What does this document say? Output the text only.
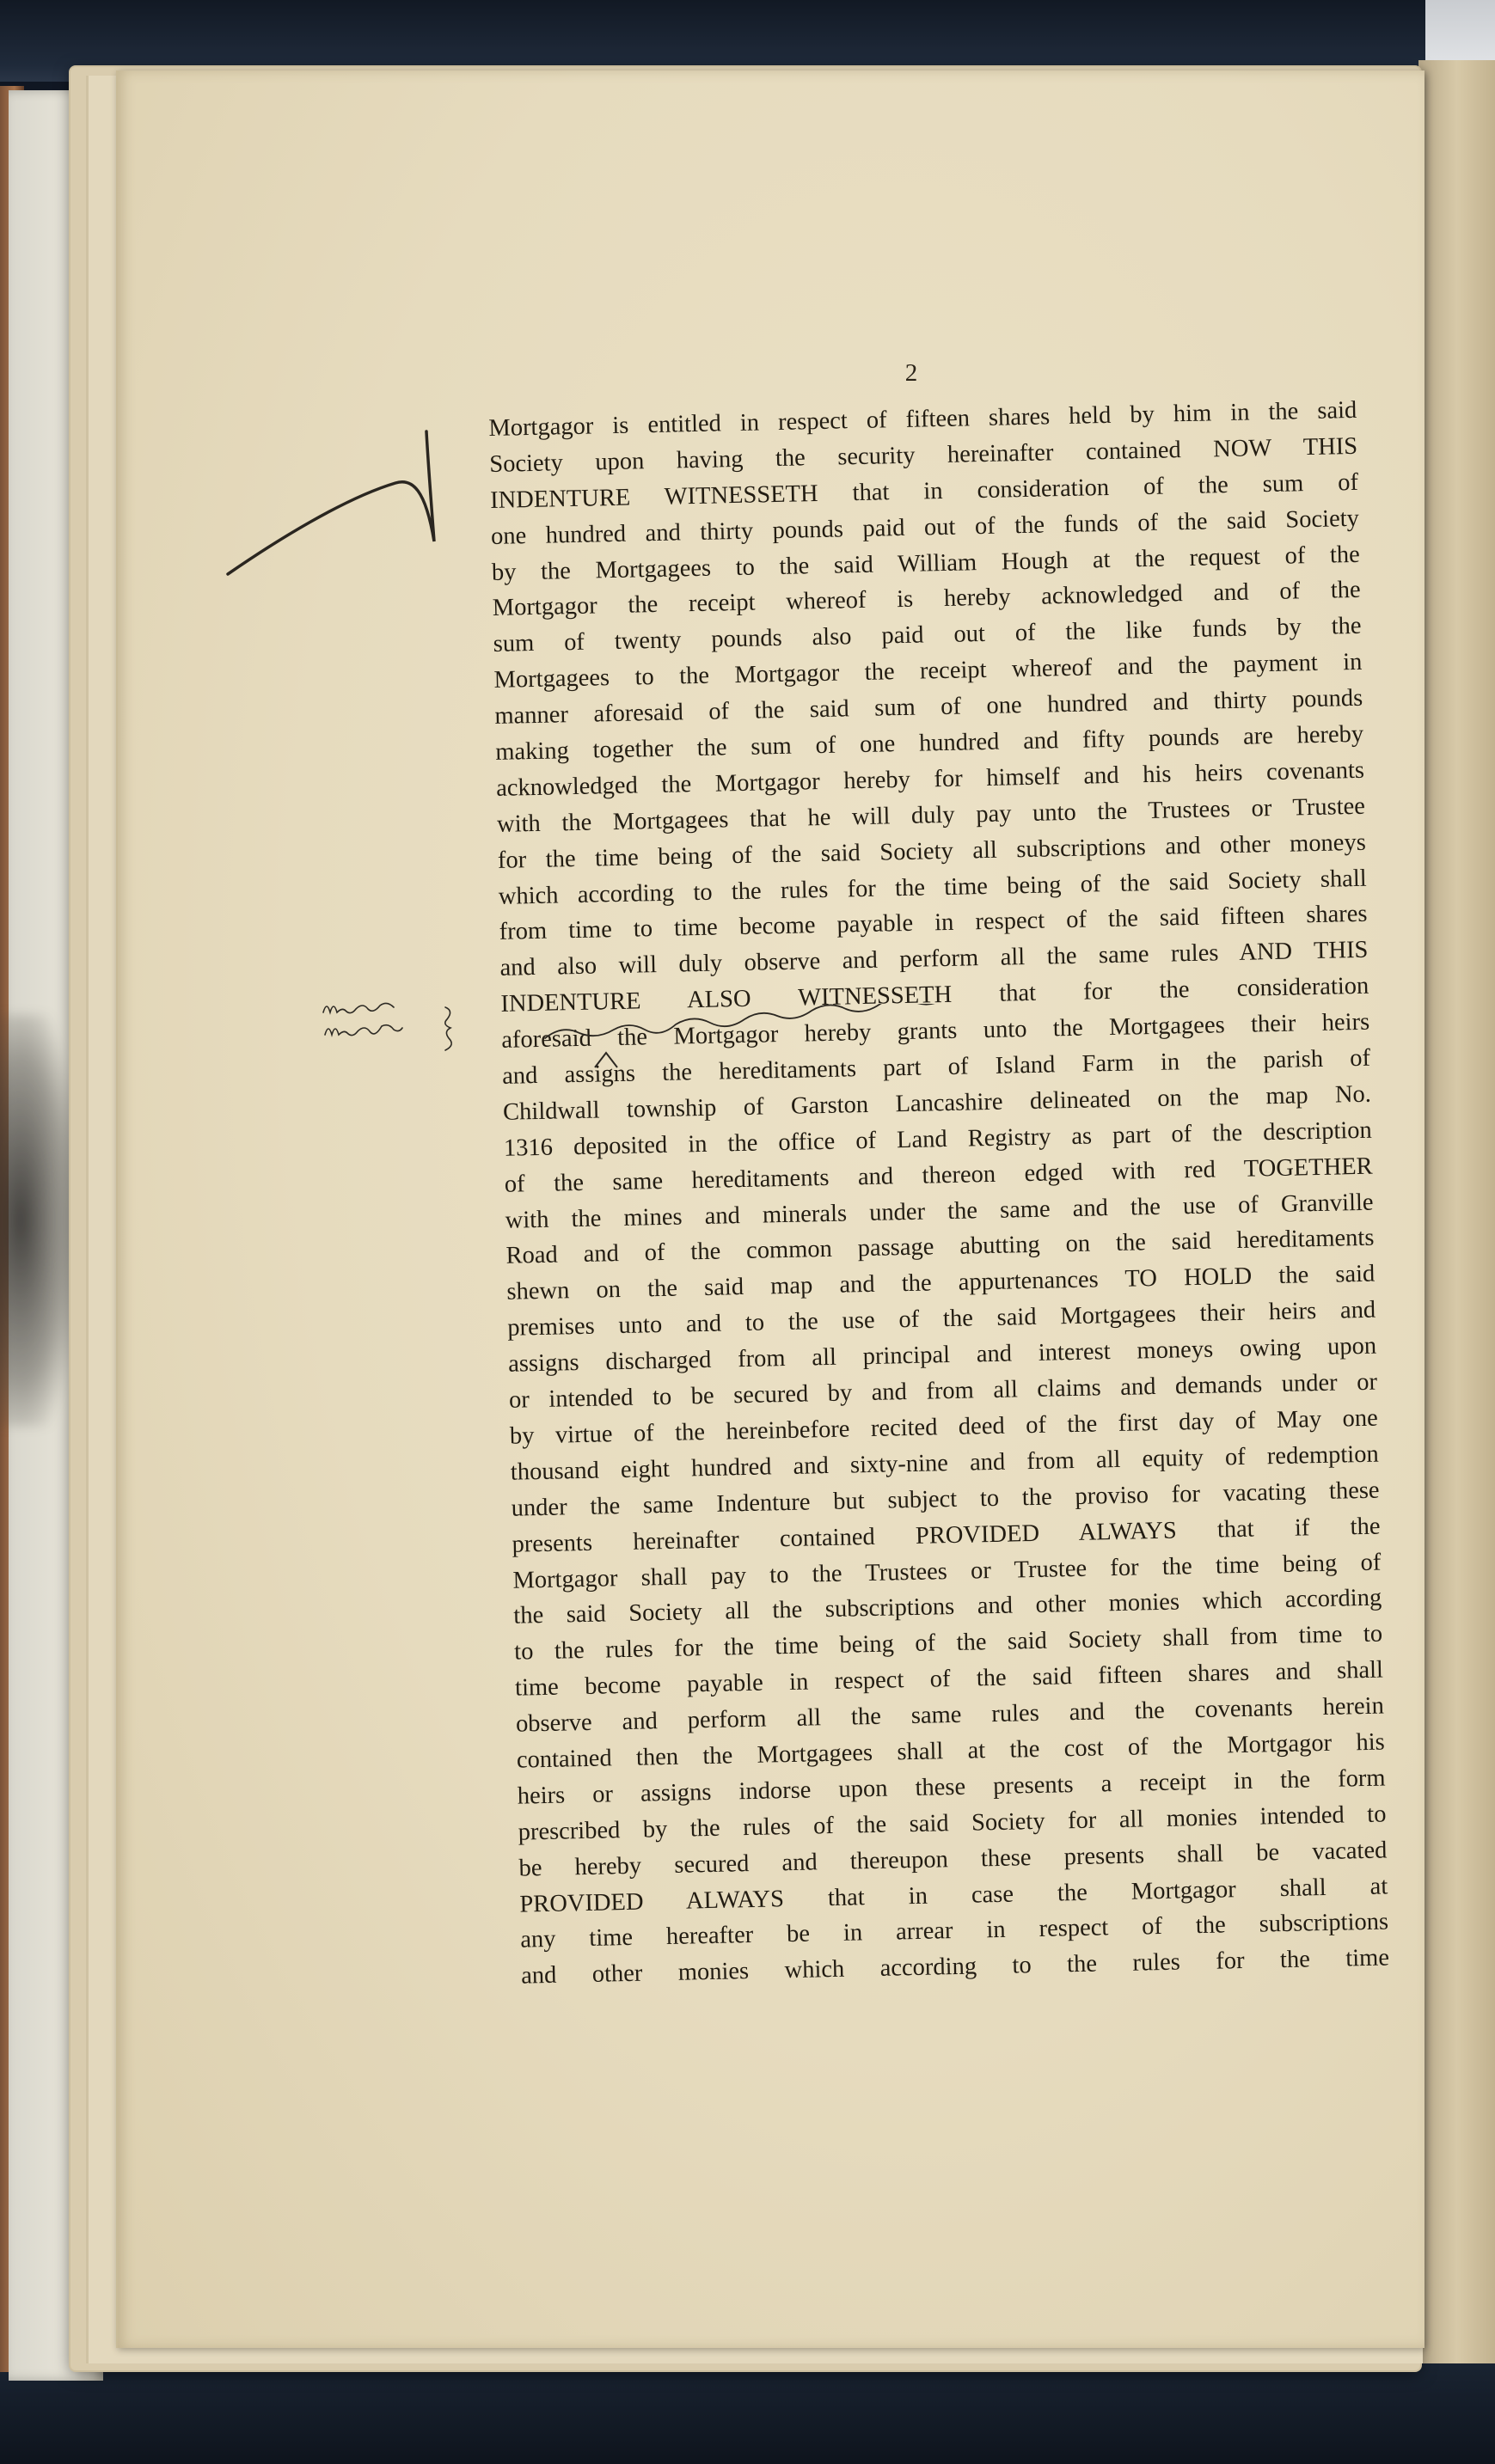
2
Mortgagor is entitled in respect of fifteen shares held by him in the said
Society upon having the security hereinafter contained NOW THIS
INDENTURE WITNESSETH that in consideration of the sum of
one hundred and thirty pounds paid out of the funds of the said Society
by the Mortgagees to the said William Hough at the request of the
Mortgagor the receipt whereof is hereby acknowledged and of the
sum of twenty pounds also paid out of the like funds by the
Mortgagees to the Mortgagor the receipt whereof and the payment in
manner aforesaid of the said sum of one hundred and thirty pounds
making together the sum of one hundred and fifty pounds are hereby
acknowledged the Mortgagor hereby for himself and his heirs covenants
with the Mortgagees that he will duly pay unto the Trustees or Trustee
for the time being of the said Society all subscriptions and other moneys
which according to the rules for the time being of the said Society shall
from time to time become payable in respect of the said fifteen shares
and also will duly observe and perform all the same rules AND THIS
INDENTURE ALSO WITNESSETH that for the consideration
aforesaid the Mortgagor hereby grants unto the Mortgagees their heirs
and assigns the hereditaments part of Island Farm in the parish of
Childwall township of Garston Lancashire delineated on the map No.
1316 deposited in the office of Land Registry as part of the description
of the same hereditaments and thereon edged with red TOGETHER
with the mines and minerals under the same and the use of Granville
Road and of the common passage abutting on the said hereditaments
shewn on the said map and the appurtenances TO HOLD the said
premises unto and to the use of the said Mortgagees their heirs and
assigns discharged from all principal and interest moneys owing upon
or intended to be secured by and from all claims and demands under or
by virtue of the hereinbefore recited deed of the first day of May one
thousand eight hundred and sixty-nine and from all equity of redemption
under the same Indenture but subject to the proviso for vacating these
presents hereinafter contained PROVIDED ALWAYS that if the
Mortgagor shall pay to the Trustees or Trustee for the time being of
the said Society all the subscriptions and other monies which according
to the rules for the time being of the said Society shall from time to
time become payable in respect of the said fifteen shares and shall
observe and perform all the same rules and the covenants herein
contained then the Mortgagees shall at the cost of the Mortgagor his
heirs or assigns indorse upon these presents a receipt in the form
prescribed by the rules of the said Society for all monies intended to
be hereby secured and thereupon these presents shall be vacated
PROVIDED ALWAYS that in case the Mortgagor shall at
any time hereafter be in arrear in respect of the subscriptions
and other monies which according to the rules for the time
